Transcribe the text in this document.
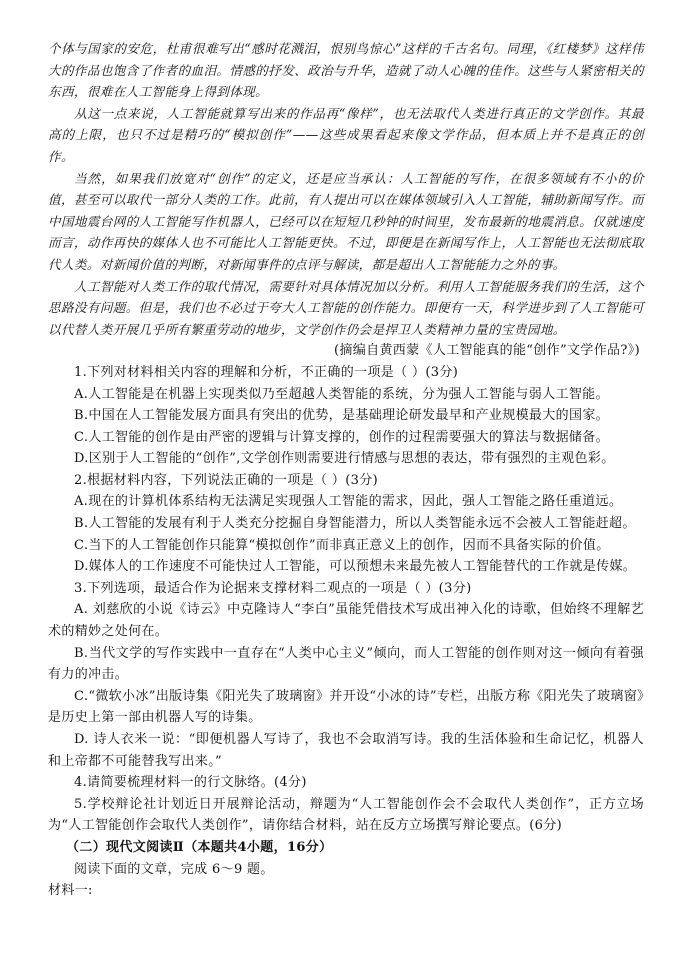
个体与国家的安危，杜甫很难写出“感时花溅泪，恨别鸟惊心”这样的千古名句。同理，《红楼梦》这样伟大的作品也饱含了作者的血泪。情感的抒发、政治与升华，造就了动人心魄的佳作。这些与人紧密相关的东西，很难在人工智能身上得到体现。

从这一点来说，人工智能就算写出来的作品再“像样”，也无法取代人类进行真正的文学创作。其最高的上限，也只不过是精巧的“模拟创作”——这些成果看起来像文学作品，但本质上并不是真正的创作。

当然，如果我们放宽对“创作”的定义，还是应当承认：人工智能的写作，在很多领域有不小的价值，甚至可以取代一部分人类的工作。此前，有人提出可以在媒体领域引入人工智能，辅助新闻写作。而中国地震台网的人工智能写作机器人，已经可以在短短几秒钟的时间里，发布最新的地震消息。仅就速度而言，动作再快的媒体人也不可能比人工智能更快。不过，即便是在新闻写作上，人工智能也无法彻底取代人类。对新闻价值的判断，对新闻事件的点评与解读，都是超出人工智能能力之外的事。

人工智能对人类工作的取代情况，需要针对具体情况加以分析。利用人工智能服务我们的生活，这个思路没有问题。但是，我们也不必过于夸大人工智能的创作能力。即便有一天，科学进步到了人工智能可以代替人类开展几乎所有繁重劳动的地步，文学创作仍会是捍卫人类精神力量的宝贵园地。

(摘编自黄西蒙《人工智能真的能“创作”文学作品?》)

1.下列对材料相关内容的理解和分析，不正确的一项是（ ）(3分)

A.人工智能是在机器上实现类似乃至超越人类智能的系统，分为强人工智能与弱人工智能。

B.中国在人工智能发展方面具有突出的优势，是基础理论研发最早和产业规模最大的国家。

C.人工智能的创作是由严密的逻辑与计算支撑的，创作的过程需要强大的算法与数据储备。

D.区别于人工智能的“创作”,文学创作则需要进行情感与思想的表达，带有强烈的主观色彩。

2.根据材料内容，下列说法正确的一项是（ ）(3分)

A.现在的计算机体系结构无法满足实现强人工智能的需求，因此，强人工智能之路任重道远。

B.人工智能的发展有利于人类充分挖掘自身智能潜力，所以人类智能永远不会被人工智能赶超。

C.当下的人工智能创作只能算“模拟创作”而非真正意义上的创作，因而不具备实际的价值。

D.媒体人的工作速度不可能快过人工智能，可以预想未来最先被人工智能替代的工作就是传媒。

3.下列选项，最适合作为论据来支撑材料二观点的一项是（ ）(3分)

A. 刘慈欣的小说《诗云》中克隆诗人“李白”虽能凭借技术写成出神入化的诗歌，但始终不理解艺术的精妙之处何在。

B.当代文学的写作实践中一直存在“人类中心主义”倾向，而人工智能的创作则对这一倾向有着强有力的冲击。

C.“微软小冰”出版诗集《阳光失了玻璃窗》并开设“小冰的诗”专栏，出版方称《阳光失了玻璃窗》是历史上第一部由机器人写的诗集。

D. 诗人衣米一说：“即便机器人写诗了，我也不会取消写诗。我的生活体验和生命记忆，机器人和上帝都不可能替我写出来。”

4.请简要梳理材料一的行文脉络。(4分)

5.学校辩论社计划近日开展辩论活动，辩题为“人工智能创作会不会取代人类创作”，正方立场为“人工智能创作会取代人类创作”，请你结合材料，站在反方立场撰写辩论要点。(6分)

（二）现代文阅读Ⅱ（本题共4小题，16分）

阅读下面的文章，完成 6～9 题。

材料一:
